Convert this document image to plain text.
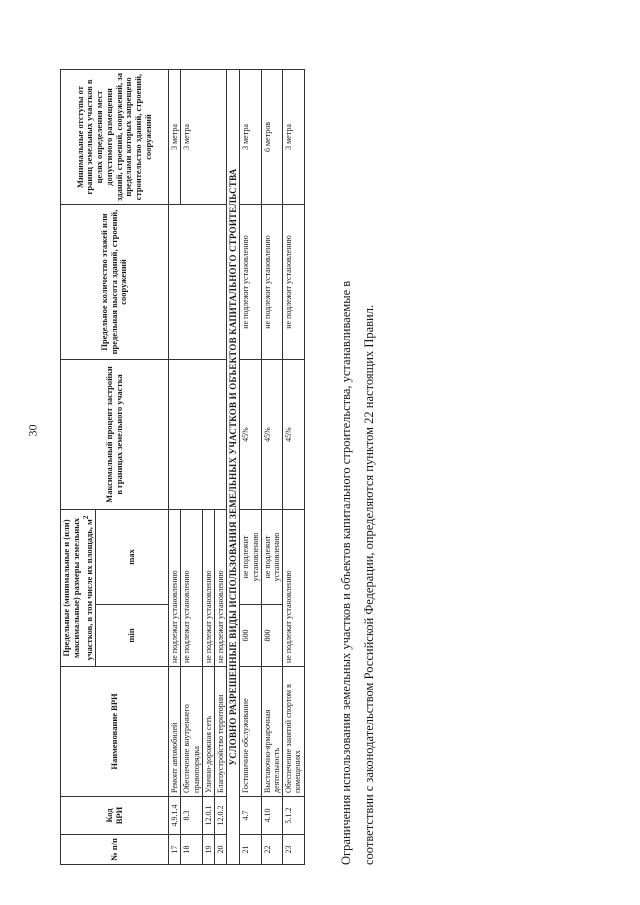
30
№ п/п	Код ВРИ	Наименование ВРИ	Предельные (минимальные и (или) максимальные) размеры земельных участков, в том числе их площадь, $м^2$		Максимальный процент застройки в границах земельного участка	Предельное количество этажей или предельная высота зданий, строений, сооружений	Минимальные отступы от границ земельных участков в целях определения мест допустимого размещения зданий, строений, сооружений, за пределами которых запрещено строительство зданий, строений, сооружений
			min	max			
17	4.9.1.4	Ремонт автомобилей	не подлежат установлению				3 метра
18	8.3	Обеспечение внутреннего правопорядка	не подлежат установлению				3 метра
19	12.0.1	Улично-дорожная сеть	не подлежат установлению				
20	12.0.2	Благоустройство территории	не подлежат установлению				
УСЛОВНО РАЗРЕШЕННЫЕ ВИДЫ ИСПОЛЬЗОВАНИЯ ЗЕМЕЛЬНЫХ УЧАСТКОВ И ОБЪЕКТОВ КАПИТАЛЬНОГО СТРОИТЕЛЬСТВА							
21	4.7	Гостиничное обслуживание	600	не подлежит установлению	45%	не подлежит установлению	3 метра
22	4.10	Выставочно-ярмарочная деятельность	800	не подлежит установлению	45%	не подлежит установлению	6 метров
23	5.1.2	Обеспечение занятий спортом в помещениях	не подлежат установлению		45%	не подлежит установлению	3 метра

Ограничения использования земельных участков и объектов капитального строительства, устанавливаемые в соответствии с законодательством Российской Федерации, определяются пунктом 22 настоящих Правил.
